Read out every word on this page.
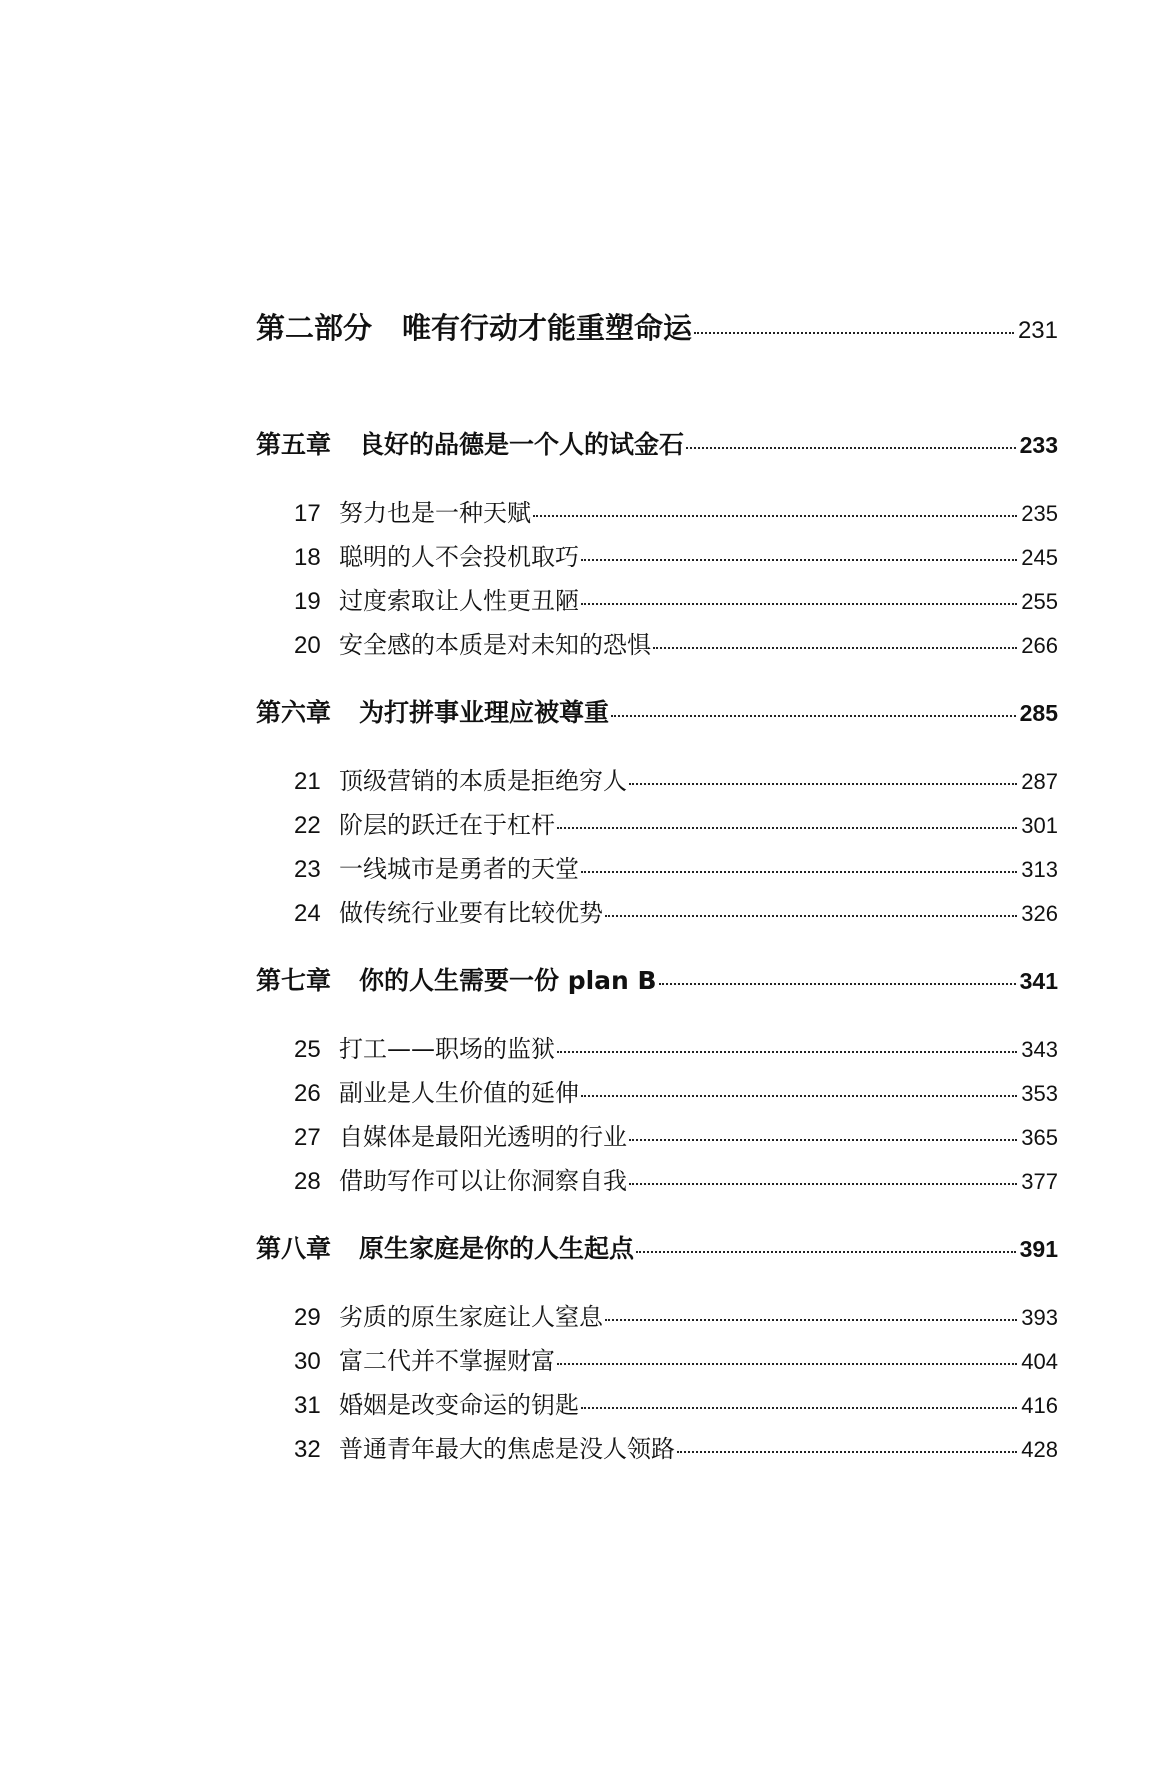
第二部分 唯有行动才能重塑命运	231
第五章 良好的品德是一个人的试金石	233
17 努力也是一种天赋	235
18 聪明的人不会投机取巧	245
19 过度索取让人性更丑陋	255
20 安全感的本质是对未知的恐惧	266
第六章 为打拼事业理应被尊重	285
21 顶级营销的本质是拒绝穷人	287
22 阶层的跃迁在于杠杆	301
23 一线城市是勇者的天堂	313
24 做传统行业要有比较优势	326
第七章 你的人生需要一份 plan B	341
25 打工——职场的监狱	343
26 副业是人生价值的延伸	353
27 自媒体是最阳光透明的行业	365
28 借助写作可以让你洞察自我	377
第八章 原生家庭是你的人生起点	391
29 劣质的原生家庭让人窒息	393
30 富二代并不掌握财富	404
31 婚姻是改变命运的钥匙	416
32 普通青年最大的焦虑是没人领路	428
